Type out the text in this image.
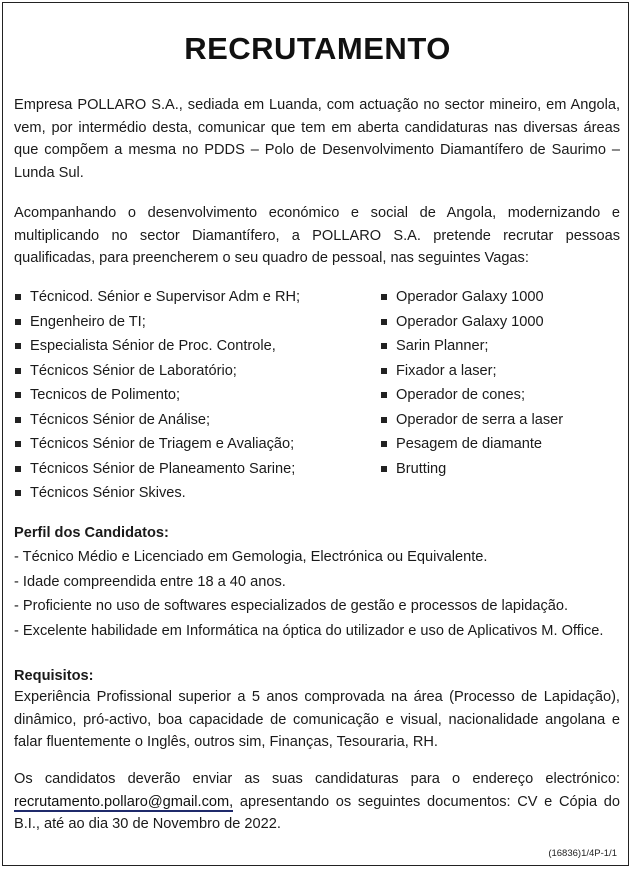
RECRUTAMENTO

Empresa POLLARO S.A., sediada em Luanda, com actuação no sector mineiro, em Angola, vem, por intermédio desta, comunicar que tem em aberta candidaturas nas diversas áreas que compõem a mesma no PDDS – Polo de Desenvolvimento Diamantífero de Saurimo – Lunda Sul.

Acompanhando o desenvolvimento económico e social de Angola, modernizando e multiplicando no sector Diamantífero, a POLLARO S.A. pretende recrutar pessoas qualificadas, para preencherem o seu quadro de pessoal, nas seguintes Vagas:

Técnicod. Sénior e Supervisor Adm e RH;
Engenheiro de TI;
Especialista Sénior de Proc. Controle,
Técnicos Sénior de Laboratório;
Tecnicos de Polimento;
Técnicos Sénior de Análise;
Técnicos Sénior de Triagem e Avaliação;
Técnicos Sénior de Planeamento Sarine;
Técnicos Sénior Skives.
Operador Galaxy 1000
Operador Galaxy 1000
Sarin Planner;
Fixador a laser;
Operador de cones;
Operador de serra a laser
Pesagem de diamante
Brutting
Perfil dos Candidatos:
- Técnico Médio e Licenciado em Gemologia, Electrónica ou Equivalente.
- Idade compreendida entre 18 a 40 anos.
- Proficiente no uso de softwares especializados de gestão e processos de lapidação.
- Excelente habilidade em Informática na óptica do utilizador e uso de Aplicativos M. Office.
Requisitos:

Experiência Profissional superior a 5 anos comprovada na área (Processo de Lapidação), dinâmico, pró-activo, boa capacidade de comunicação e visual, nacionalidade angolana e falar fluentemente o Inglês, outros sim, Finanças, Tesouraria, RH.

Os candidatos deverão enviar as suas candidaturas para o endereço electrónico: recrutamento.pollaro@gmail.com, apresentando os seguintes documentos: CV e Cópia do B.I., até ao dia 30 de Novembro de 2022.

(16836)1/4P-1/1
